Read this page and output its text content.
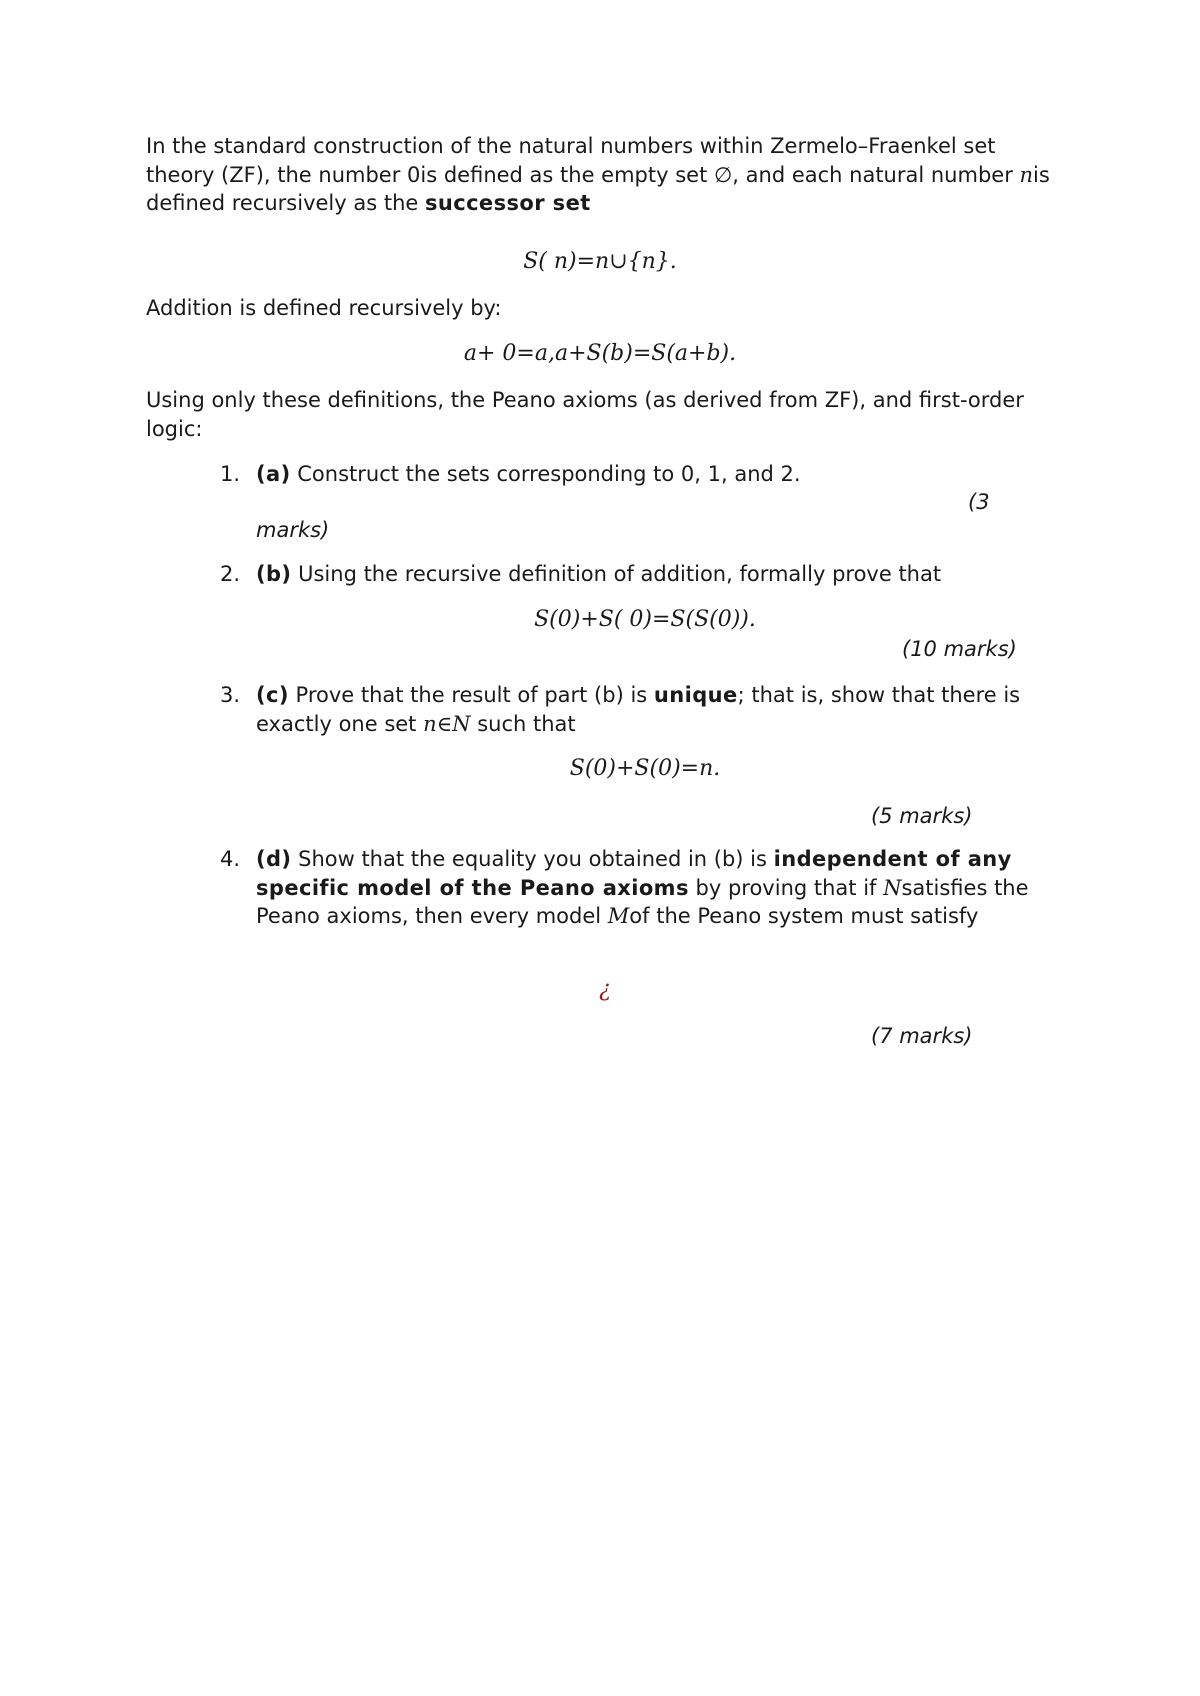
In the standard construction of the natural numbers within Zermelo–Fraenkel set theory (ZF), the number 0is defined as the empty set ∅, and each natural number nis defined recursively as the successor set

S( n)=n∪{n}.

Addition is defined recursively by:

a+ 0=a,a+S(b)=S(a+b).

Using only these definitions, the Peano axioms (as derived from ZF), and first-order logic:

1. (a) Construct the sets corresponding to 0, 1, and 2.

(3
marks)
2. (b) Using the recursive definition of addition, formally prove that

S(0)+S( 0)=S(S(0)).
(10 marks)
3. (c) Prove that the result of part (b) is unique; that is, show that there is exactly one set n∈N such that

S(0)+S(0)=n.
(5 marks)
4. (d) Show that the equality you obtained in (b) is independent of any specific model of the Peano axioms by proving that if Nsatisfies the Peano axioms, then every model Mof the Peano system must satisfy

¿
(7 marks)
